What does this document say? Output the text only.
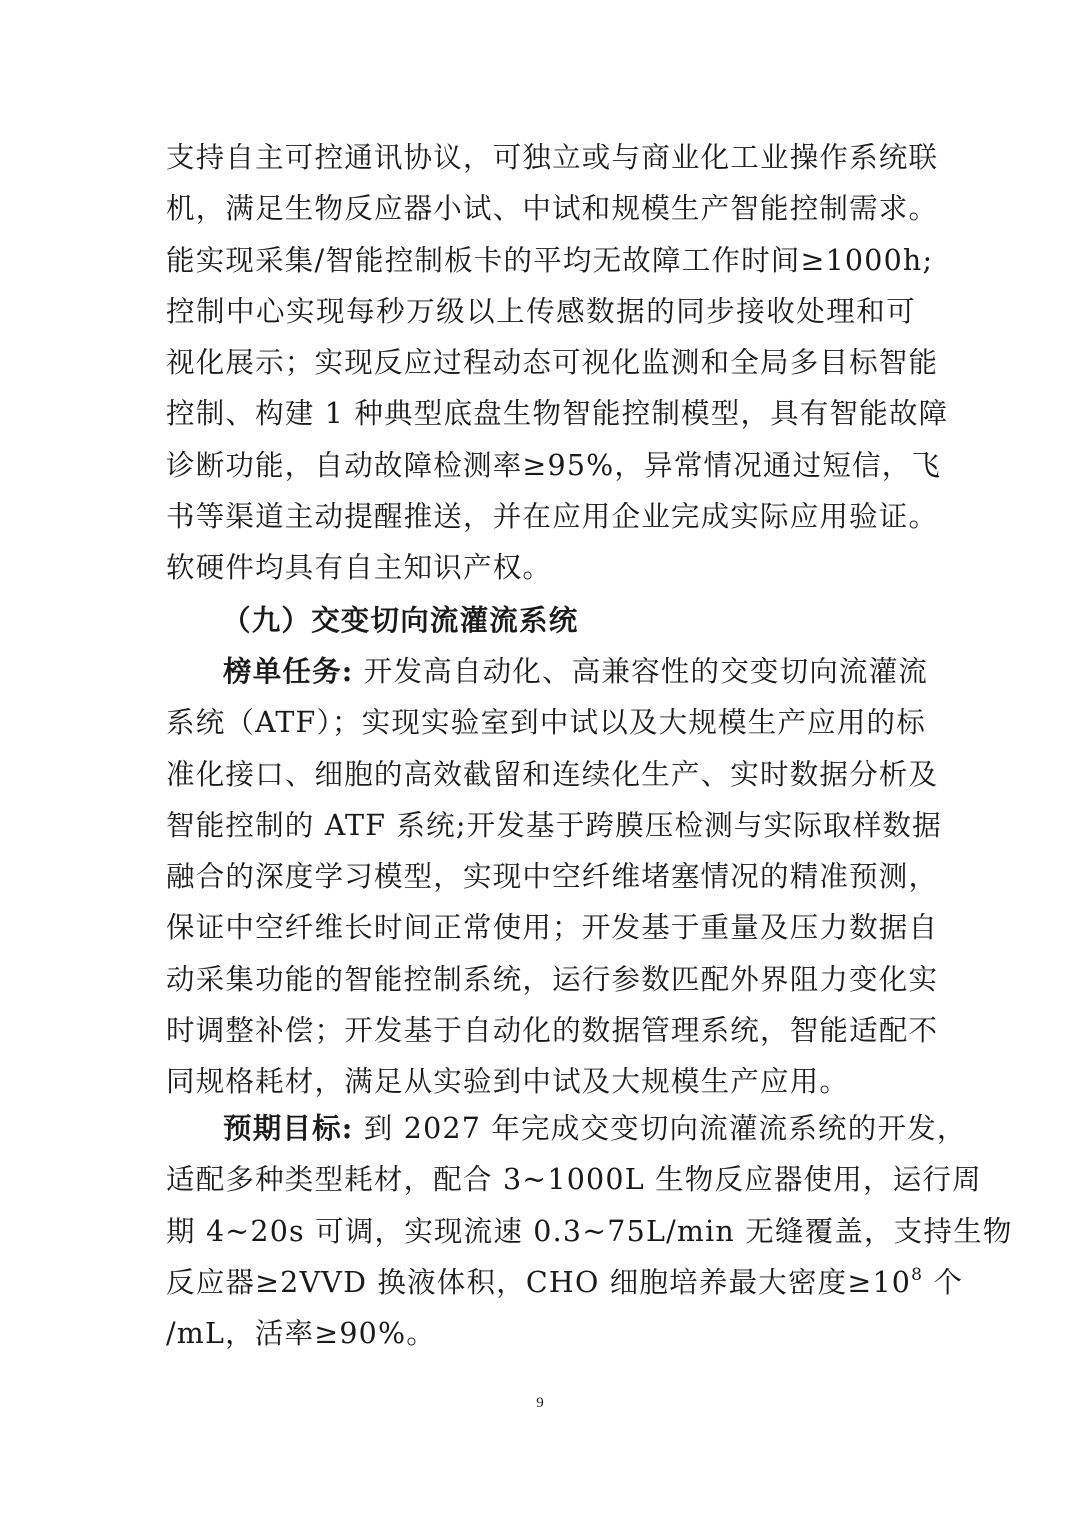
支持自主可控通讯协议，可独立或与商业化工业操作系统联
机，满足生物反应器小试、中试和规模生产智能控制需求。
能实现采集/智能控制板卡的平均无故障工作时间≥1000h;
控制中心实现每秒万级以上传感数据的同步接收处理和可
视化展示；实现反应过程动态可视化监测和全局多目标智能
控制、构建 1 种典型底盘生物智能控制模型，具有智能故障
诊断功能，自动故障检测率≥95%，异常情况通过短信，飞
书等渠道主动提醒推送，并在应用企业完成实际应用验证。
软硬件均具有自主知识产权。
（九）交变切向流灌流系统
榜单任务: 开发高自动化、高兼容性的交变切向流灌流
系统（ATF）；实现实验室到中试以及大规模生产应用的标
准化接口、细胞的高效截留和连续化生产、实时数据分析及
智能控制的 ATF 系统;开发基于跨膜压检测与实际取样数据
融合的深度学习模型，实现中空纤维堵塞情况的精准预测，
保证中空纤维长时间正常使用；开发基于重量及压力数据自
动采集功能的智能控制系统，运行参数匹配外界阻力变化实
时调整补偿；开发基于自动化的数据管理系统，智能适配不
同规格耗材，满足从实验到中试及大规模生产应用。
预期目标: 到 2027 年完成交变切向流灌流系统的开发，
适配多种类型耗材，配合 3~1000L 生物反应器使用，运行周
期 4~20s 可调，实现流速 0.3~75L/min 无缝覆盖，支持生物
反应器≥2VVD 换液体积，CHO 细胞培养最大密度$\ge 10^8$ 个
/mL，活率≥90%。
9
